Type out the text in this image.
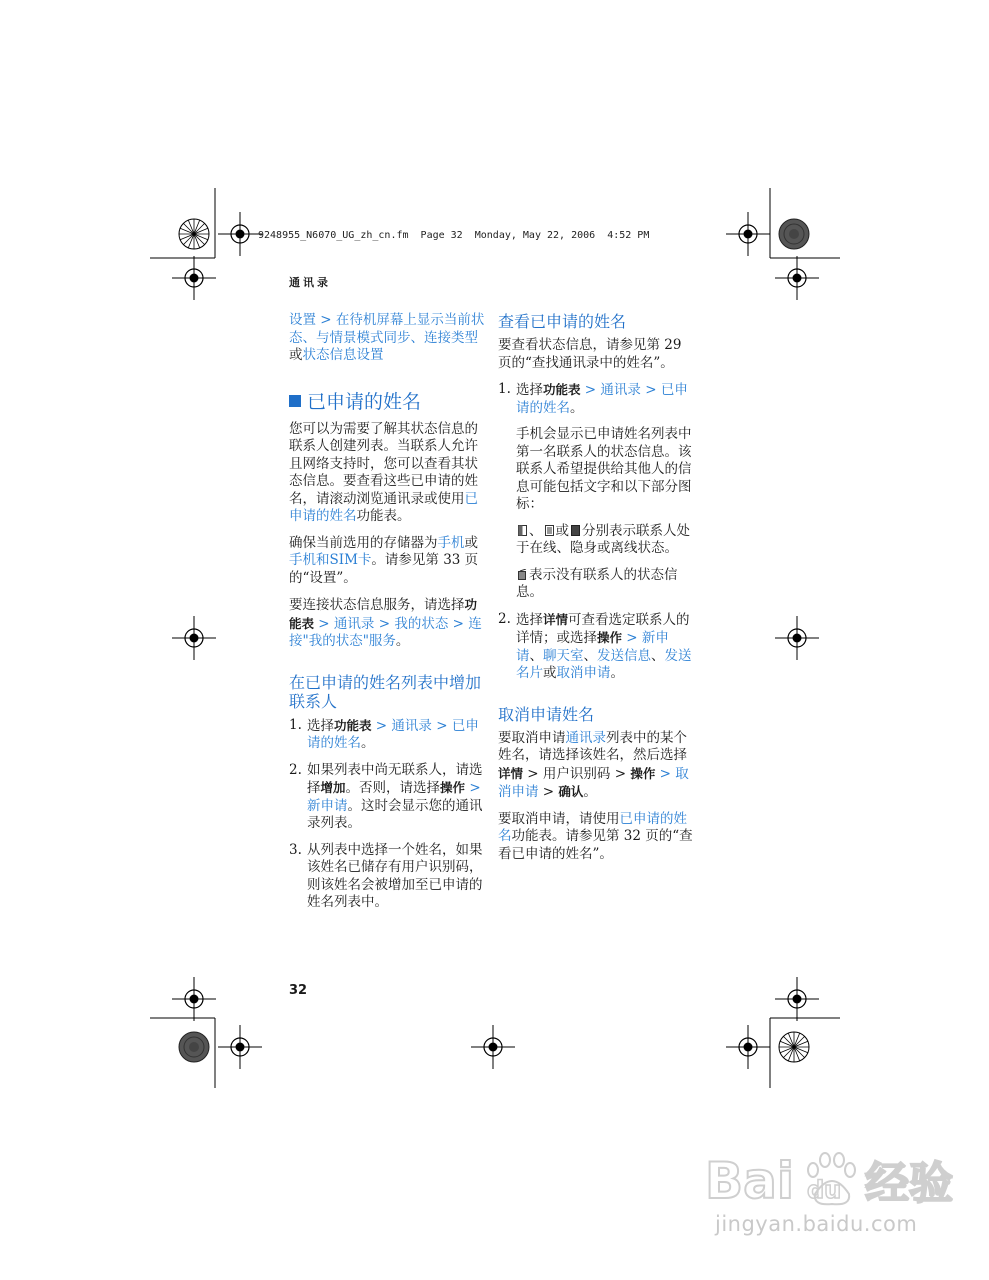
9248955_N6070_UG_zh_cn.fm  Page 32  Monday, May 22, 2006  4:52 PM
通讯录

设置 > 在待机屏幕上显示当前状态、与情景模式同步、连接类型或状态信息设置

已申请的姓名

您可以为需要了解其状态信息的联系人创建列表。当联系人允许且网络支持时，您可以查看其状态信息。要查看这些已申请的姓名，请滚动浏览通讯录或使用已申请的姓名功能表。

确保当前选用的存储器为手机或手机和SIM卡。请参见第 33 页的“设置”。

要连接状态信息服务，请选择功能表 > 通讯录 > 我的状态 > 连接"我的状态"服务。

在已申请的姓名列表中增加联系人
1. 选择功能表 > 通讯录 > 已申请的姓名。
2. 如果列表中尚无联系人，请选择增加。否则，请选择操作 > 新申请。这时会显示您的通讯录列表。
3. 从列表中选择一个姓名，如果该姓名已储存有用户识别码，则该姓名会被增加至已申请的姓名列表中。
查看已申请的姓名

要查看状态信息，请参见第 29 页的“查找通讯录中的姓名”。

1. 选择功能表 > 通讯录 > 已申请的姓名。

手机会显示已申请姓名列表中第一名联系人的状态信息。该联系人希望提供给其他人的信息可能包括文字和以下部分图标：

、 或 分别表示联系人处于在线、隐身或离线状态。

表示没有联系人的状态信息。

2. 选择详情可查看选定联系人的详情；或选择操作 > 新申请、聊天室、发送信息、发送名片或取消申请。
取消申请姓名

要取消申请通讯录列表中的某个姓名，请选择该姓名，然后选择详情 > 用户识别码 > 操作 > 取消申请 > 确认。

要取消申请，请使用已申请的姓名功能表。请参见第 32 页的“查看已申请的姓名”。

32
Bai du 经验
jingyan.baidu.com
